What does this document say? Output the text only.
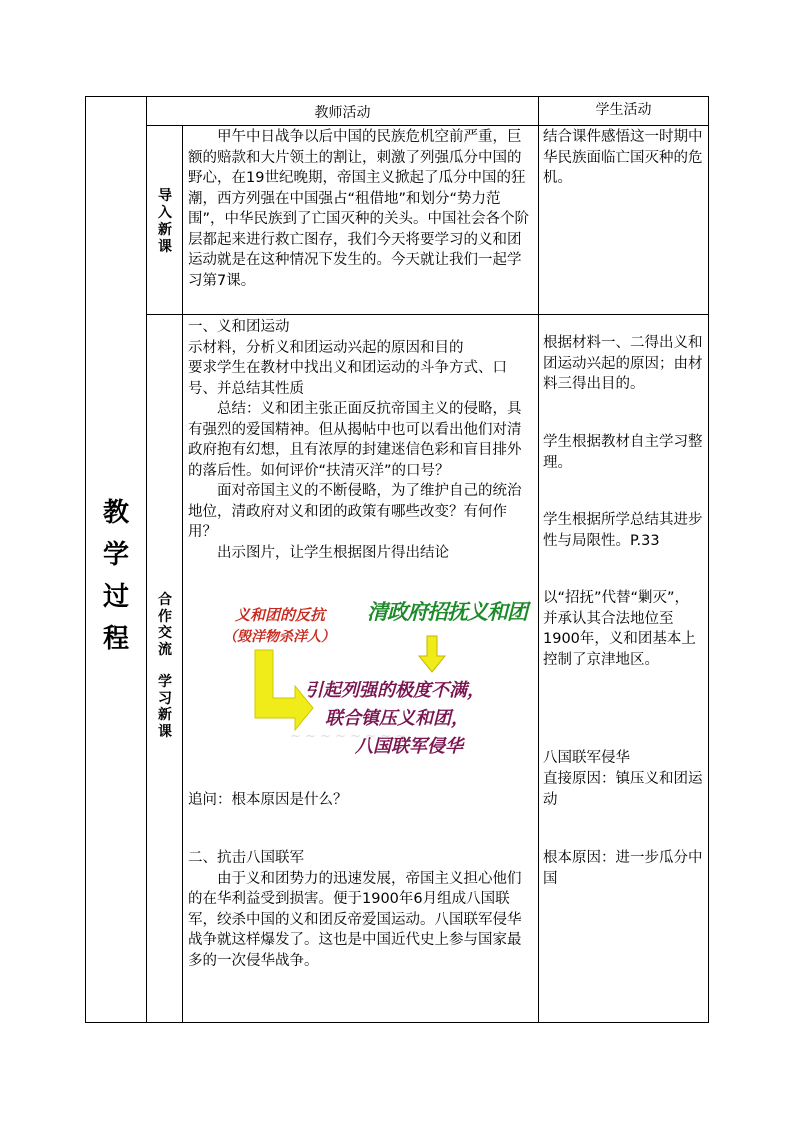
教师活动	学生活动
教
学
过
程
导
入
新
课

甲午中日战争以后中国的民族危机空前严重，巨额的赔款和大片领土的割让，刺激了列强瓜分中国的野心，在19世纪晚期，帝国主义掀起了瓜分中国的狂潮，西方列强在中国强占“租借地”和划分“势力范围”，中华民族到了亡国灭种的关头。中国社会各个阶层都起来进行救亡图存，我们今天将要学习的义和团运动就是在这种情况下发生的。今天就让我们一起学习第7课。

结合课件感悟这一时期中华民族面临亡国灭种的危机。

合
作
交
流
学
习
新
课

一、义和团运动

示材料，分析义和团运动兴起的原因和目的

要求学生在教材中找出义和团运动的斗争方式、口号、并总结其性质

总结：义和团主张正面反抗帝国主义的侵略，具有强烈的爱国精神。但从揭帖中也可以看出他们对清政府抱有幻想，且有浓厚的封建迷信色彩和盲目排外的落后性。如何评价“扶清灭洋”的口号？

面对帝国主义的不断侵略，为了维护自己的统治地位，清政府对义和团的政策有哪些改变？有何作用？

出示图片，让学生根据图片得出结论

~ ~ ~ ~ ~ ~ ~ ~
义和团的反抗
（毁洋物杀洋人）
清政府招抚义和团
引起列强的极度不满，
联合镇压义和团，
八国联军侵华

追问：根本原因是什么？

二、抗击八国联军

由于义和团势力的迅速发展，帝国主义担心他们的在华利益受到损害。便于1900年6月组成八国联军，绞杀中国的义和团反帝爱国运动。八国联军侵华战争就这样爆发了。这也是中国近代史上参与国家最多的一次侵华战争。

根据材料一、二得出义和团运动兴起的原因；由材料三得出目的。
学生根据教材自主学习整理。
学生根据所学总结其进步性与局限性。P.33
以“招抚”代替“剿灭”，并承认其合法地位至1900年，义和团基本上控制了京津地区。
八国联军侵华
直接原因：镇压义和团运动
根本原因：进一步瓜分中国
